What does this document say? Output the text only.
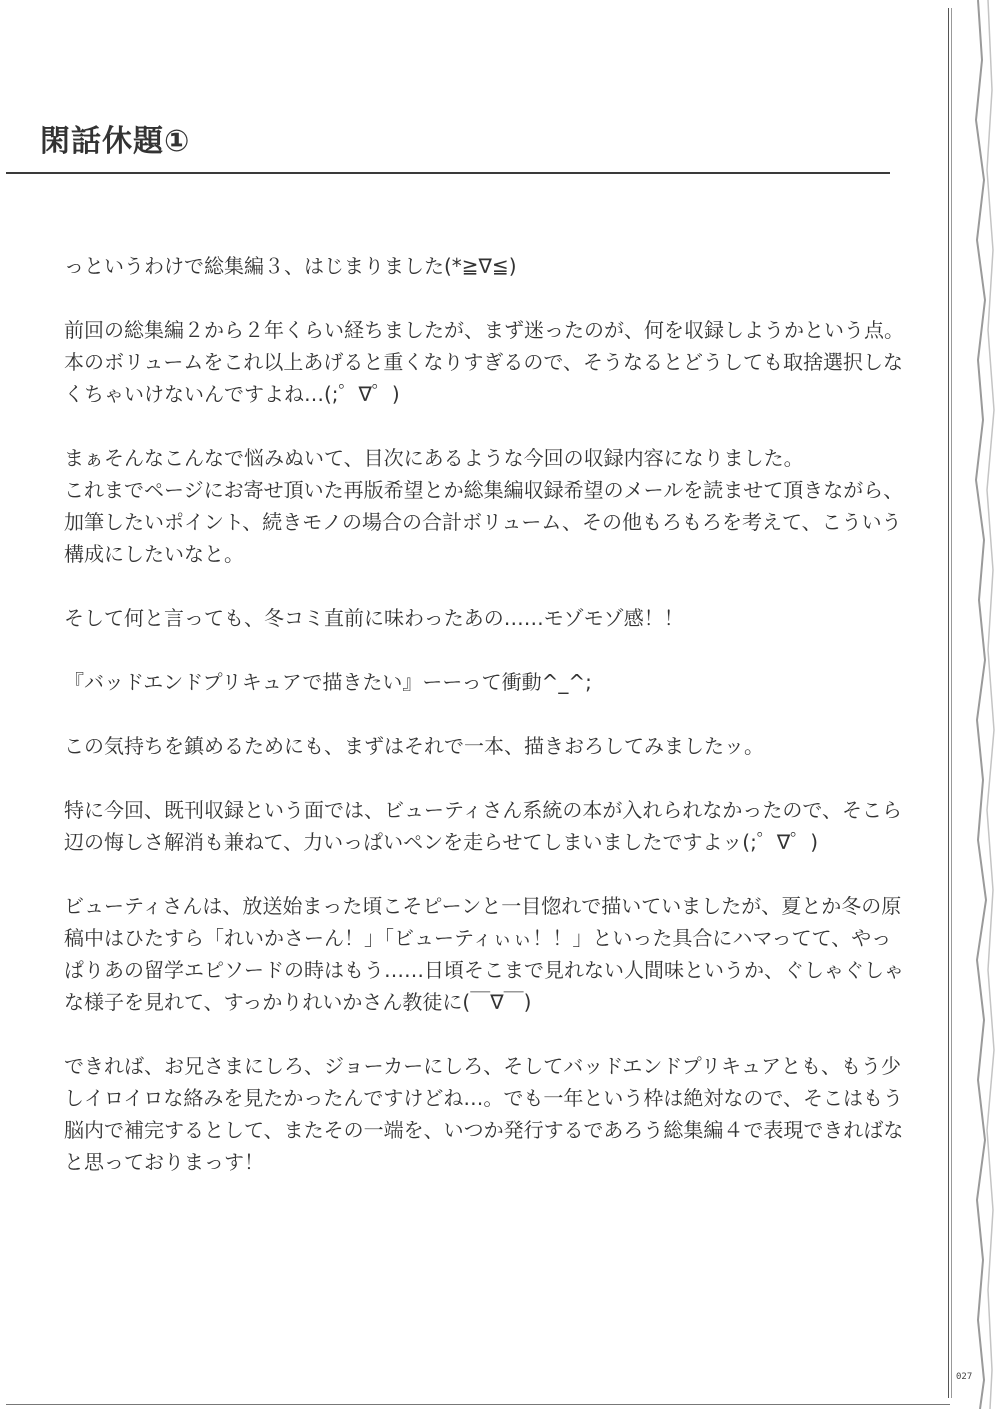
閑話休題①
っというわけで総集編３、はじまりました(*≧∇≦)
前回の総集編２から２年くらい経ちましたが、まず迷ったのが、何を収録しようかという点。
本のボリュームをこれ以上あげると重くなりすぎるので、そうなるとどうしても取捨選択しな
くちゃいけないんですよね…(;゜∇゜)
まぁそんなこんなで悩みぬいて、目次にあるような今回の収録内容になりました。
これまでページにお寄せ頂いた再版希望とか総集編収録希望のメールを読ませて頂きながら、
加筆したいポイント、続きモノの場合の合計ボリューム、その他もろもろを考えて、こういう
構成にしたいなと。
そして何と言っても、冬コミ直前に味わったあの……モゾモゾ感！！
『バッドエンドプリキュアで描きたい』ーーって衝動^_^;
この気持ちを鎮めるためにも、まずはそれで一本、描きおろしてみましたッ。
特に今回、既刊収録という面では、ビューティさん系統の本が入れられなかったので、そこら
辺の悔しさ解消も兼ねて、力いっぱいペンを走らせてしまいましたですよッ(;゜∇゜)
ビューティさんは、放送始まった頃こそピーンと一目惚れで描いていましたが、夏とか冬の原
稿中はひたすら「れいかさーん！」「ビューティぃぃ！！」といった具合にハマってて、やっ
ぱりあの留学エピソードの時はもう……日頃そこまで見れない人間味というか、ぐしゃぐしゃ
な様子を見れて、すっかりれいかさん教徒に(￣∇￣)
できれば、お兄さまにしろ、ジョーカーにしろ、そしてバッドエンドプリキュアとも、もう少
しイロイロな絡みを見たかったんですけどね…。でも一年という枠は絶対なので、そこはもう
脳内で補完するとして、またその一端を、いつか発行するであろう総集編４で表現できればな
と思っておりまっす！
027
